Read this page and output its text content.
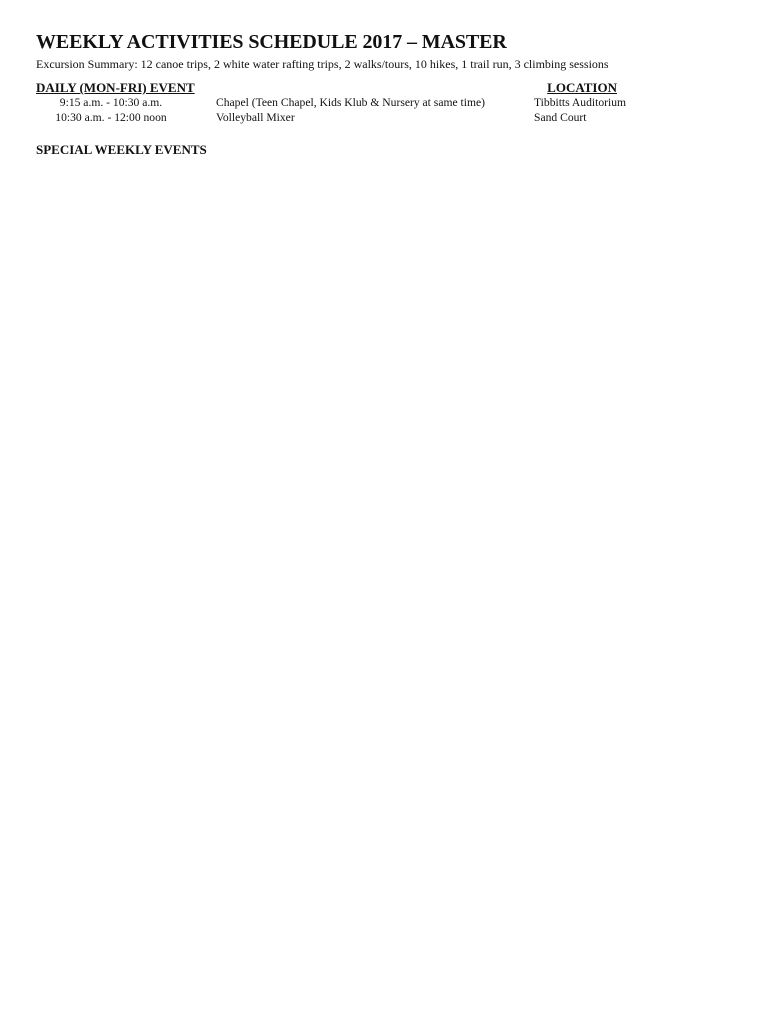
WEEKLY ACTIVITIES SCHEDULE 2017 – MASTER
Excursion Summary: 12 canoe trips, 2 white water rafting trips, 2 walks/tours, 10 hikes, 1 trail run, 3 climbing sessions
DAILY (MON-FRI) EVENT	LOCATION
9:15 a.m. - 10:30 a.m.	Chapel (Teen Chapel, Kids Klub & Nursery at same time)	Tibbitts Auditorium
10:30 a.m. - 12:00 noon	Volleyball Mixer	Sand Court
SPECIAL WEEKLY EVENTS
